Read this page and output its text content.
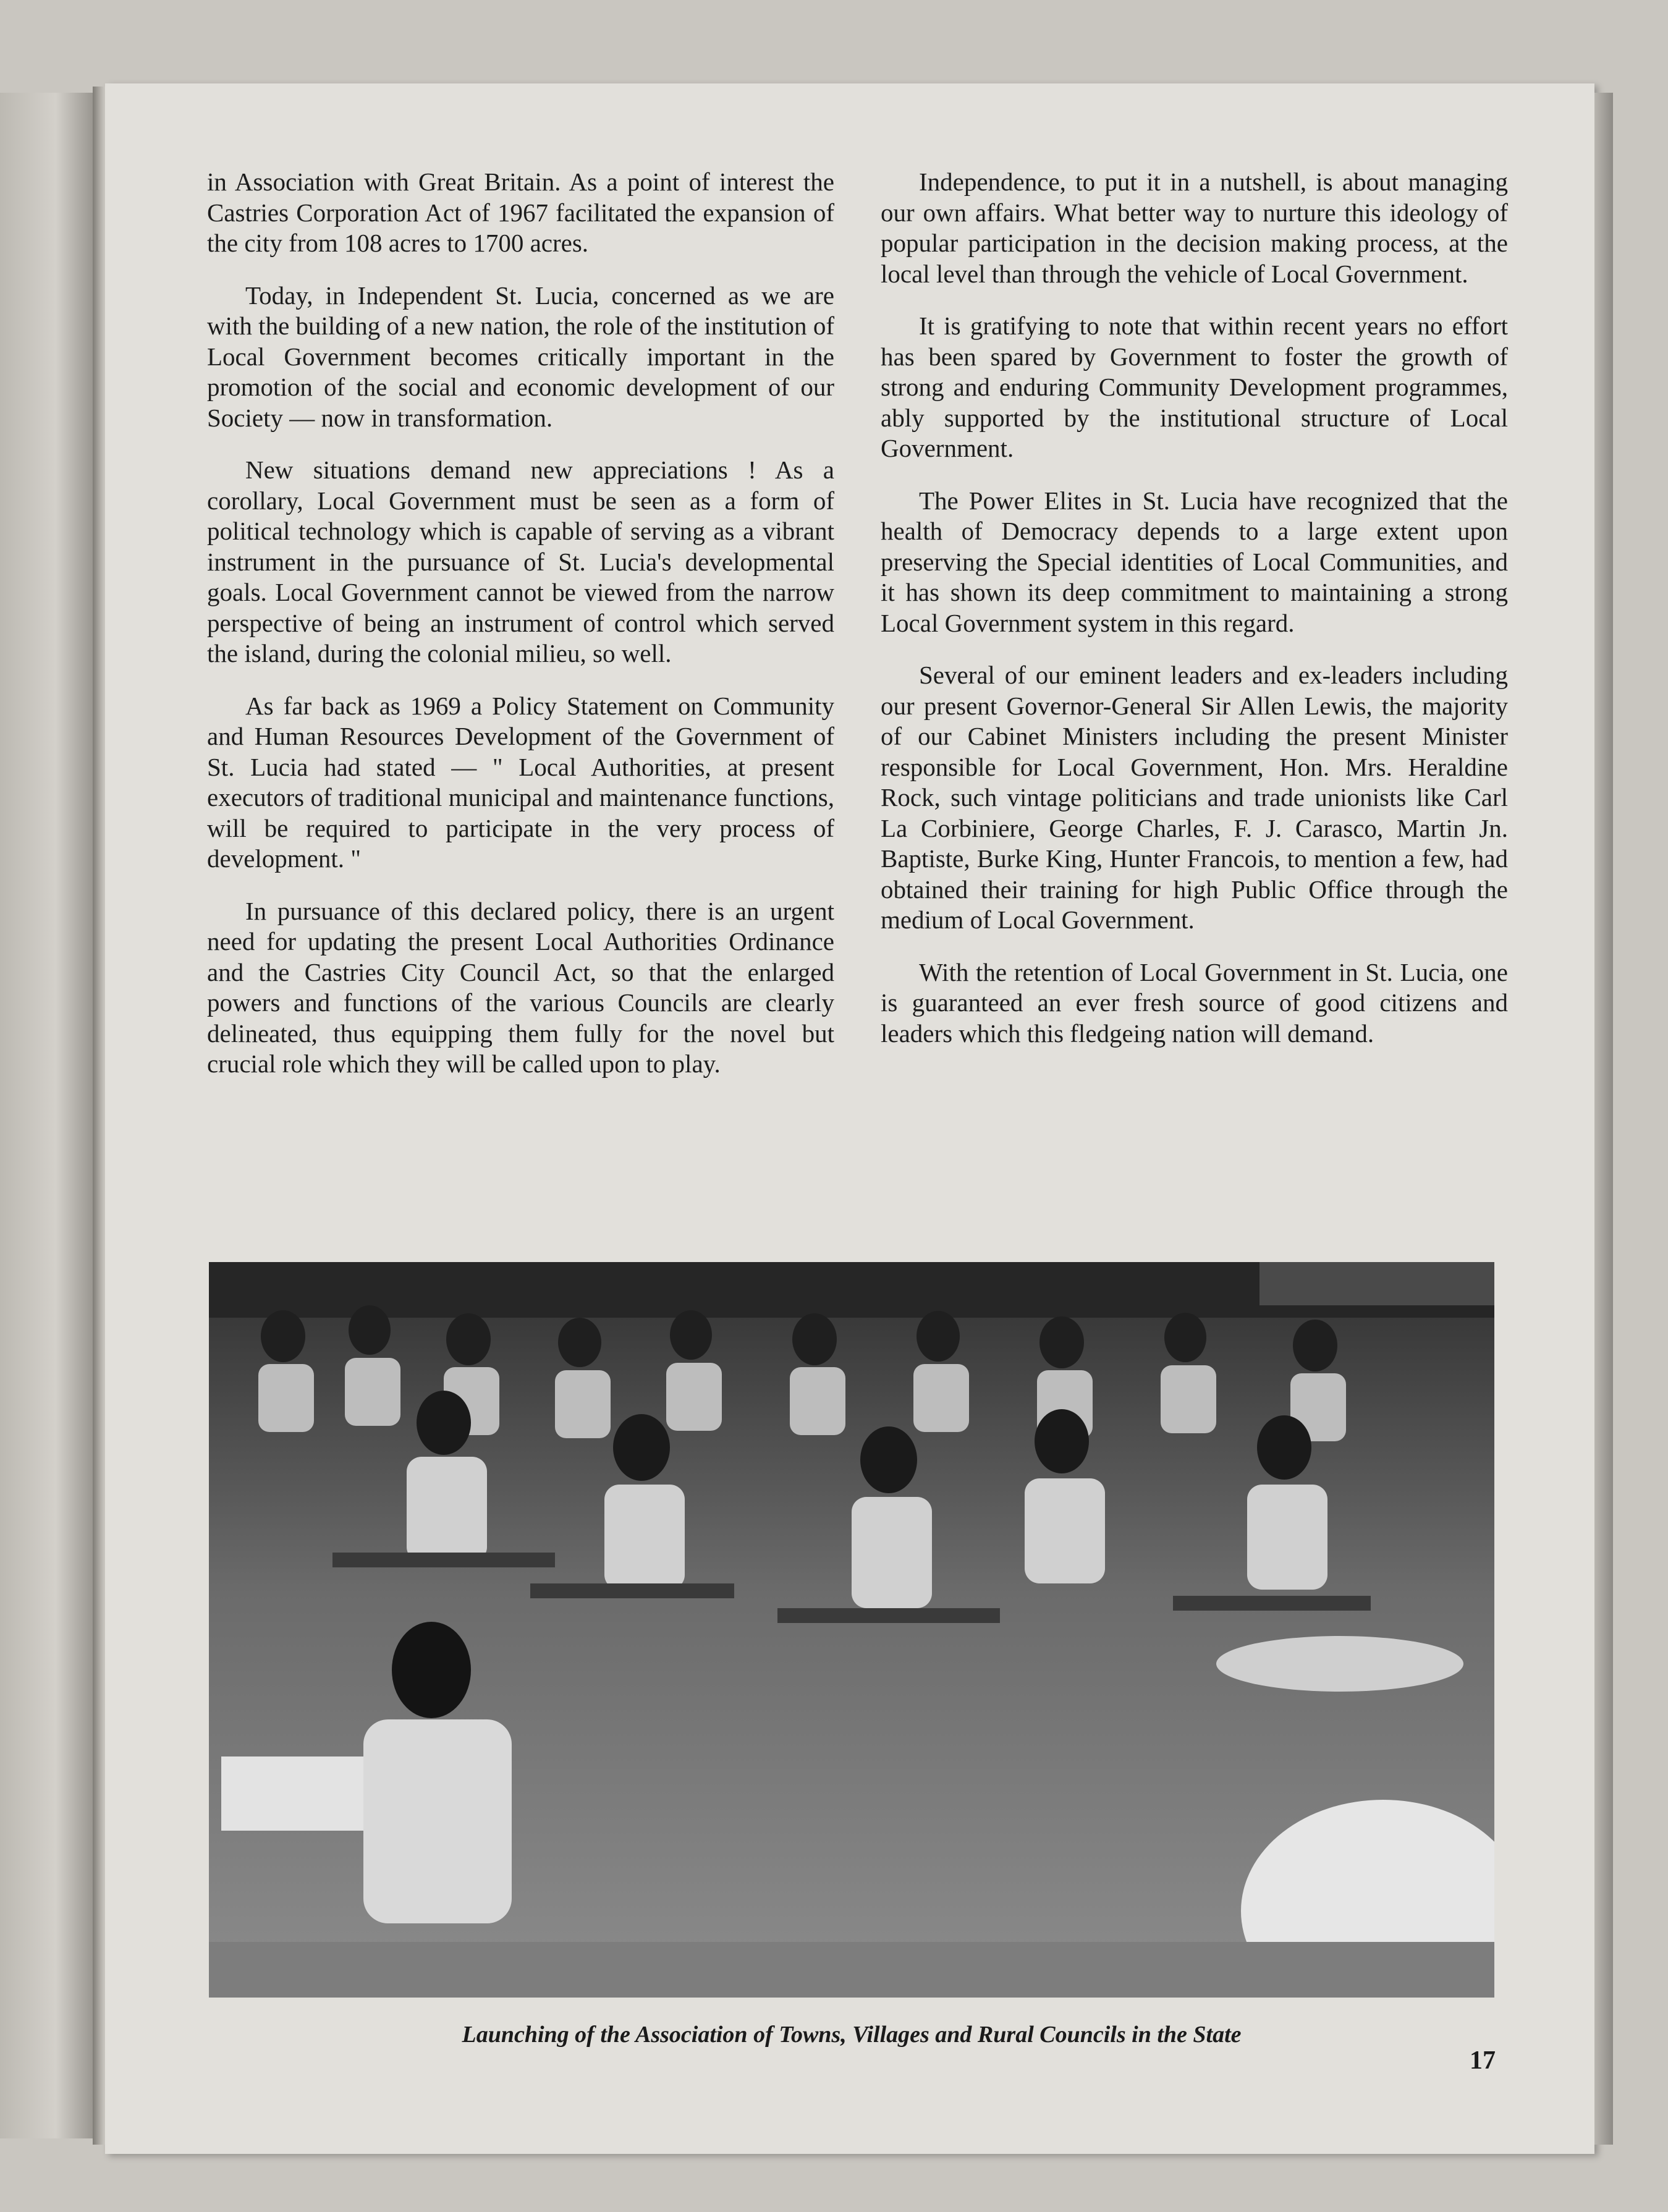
in Association with Great Britain. As a point of interest the Castries Corporation Act of 1967 facilitated the expansion of the city from 108 acres to 1700 acres.

Today, in Independent St. Lucia, concerned as we are with the building of a new nation, the role of the institution of Local Government becomes critically important in the promotion of the social and economic development of our Society — now in transformation.

New situations demand new appreciations ! As a corollary, Local Government must be seen as a form of political technology which is capable of serving as a vibrant instrument in the pursuance of St. Lucia's developmental goals. Local Government cannot be viewed from the narrow perspective of being an instrument of control which served the island, during the colonial milieu, so well.

As far back as 1969 a Policy Statement on Community and Human Resources Development of the Government of St. Lucia had stated — " Local Authorities, at present executors of traditional municipal and maintenance functions, will be required to participate in the very process of development. "

In pursuance of this declared policy, there is an urgent need for updating the present Local Authorities Ordinance and the Castries City Council Act, so that the enlarged powers and functions of the various Councils are clearly delineated, thus equipping them fully for the novel but crucial role which they will be called upon to play.

Independence, to put it in a nutshell, is about managing our own affairs. What better way to nurture this ideology of popular participation in the decision making process, at the local level than through the vehicle of Local Government.

It is gratifying to note that within recent years no effort has been spared by Government to foster the growth of strong and enduring Community Development programmes, ably supported by the institutional structure of Local Government.

The Power Elites in St. Lucia have recognized that the health of Democracy depends to a large extent upon preserving the Special identities of Local Communities, and it has shown its deep commitment to maintaining a strong Local Government system in this regard.

Several of our eminent leaders and ex-leaders including our present Governor-General Sir Allen Lewis, the majority of our Cabinet Ministers including the present Minister responsible for Local Government, Hon. Mrs. Heraldine Rock, such vintage politicians and trade unionists like Carl La Corbiniere, George Charles, F. J. Carasco, Martin Jn. Baptiste, Burke King, Hunter Francois, to mention a few, had obtained their training for high Public Office through the medium of Local Government.

With the retention of Local Government in St. Lucia, one is guaranteed an ever fresh source of good citizens and leaders which this fledgeing nation will demand.

Launching of the Association of Towns, Villages and Rural Councils in the State
17
